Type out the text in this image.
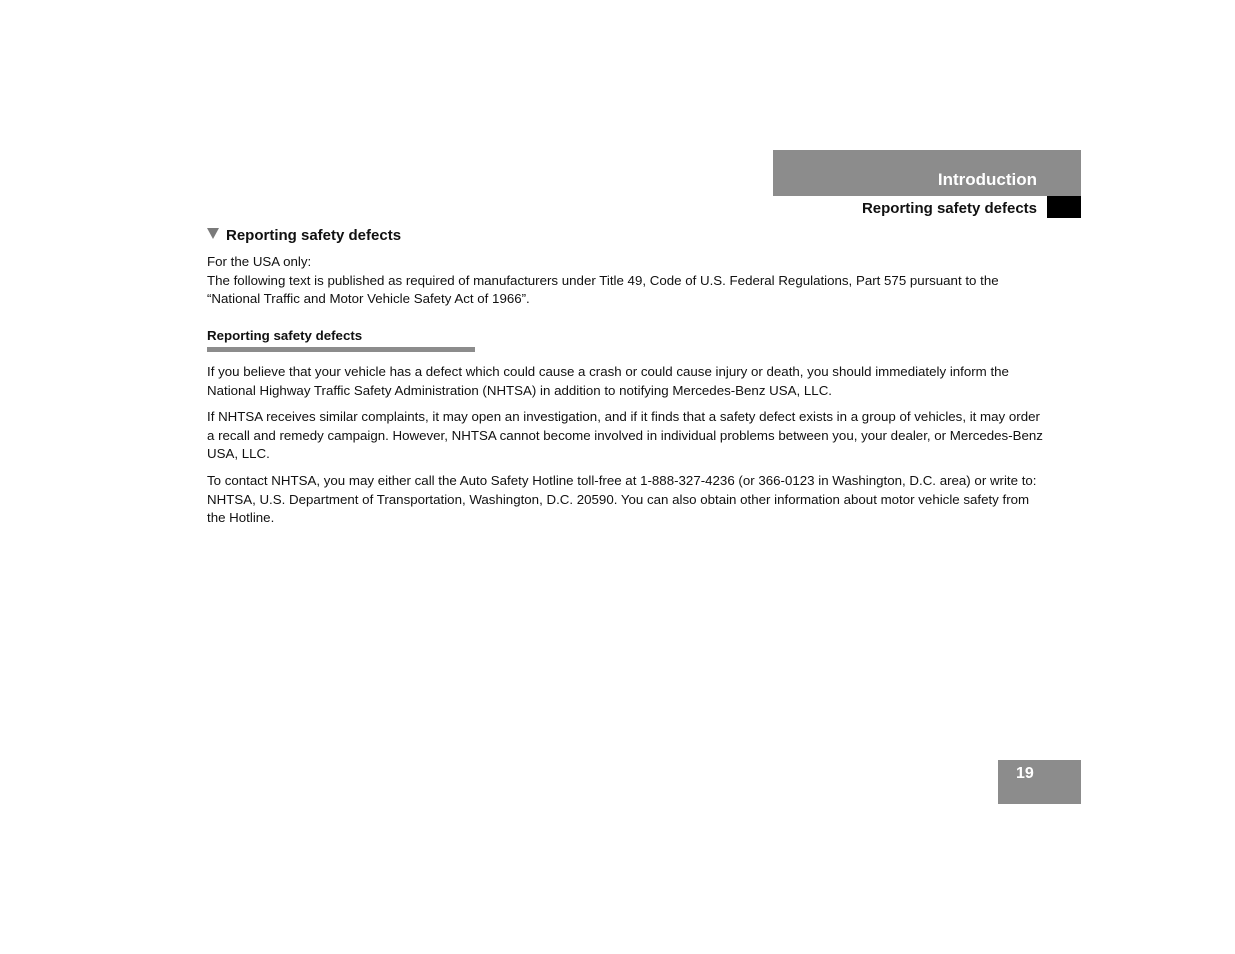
Introduction
Reporting safety defects
Reporting safety defects

For the USA only:

The following text is published as required of manufacturers under Title 49, Code of U.S. Federal Regulations, Part 575 pursuant to the “National Traffic and Motor Vehicle Safety Act of 1966”.

Reporting safety defects

If you believe that your vehicle has a defect which could cause a crash or could cause injury or death, you should immediately inform the National Highway Traffic Safety Administration (NHTSA) in addition to notifying Mercedes-Benz USA, LLC.

If NHTSA receives similar complaints, it may open an investigation, and if it finds that a safety defect exists in a group of vehicles, it may order a recall and remedy campaign. However, NHTSA cannot become involved in individual problems between you, your dealer, or Mercedes-Benz USA, LLC.

To contact NHTSA, you may either call the Auto Safety Hotline toll-free at 1-888-327-4236 (or 366-0123 in Washington, D.C. area) or write to: NHTSA, U.S. Department of Transportation, Washington, D.C. 20590. You can also obtain other information about motor vehicle safety from the Hotline.

19
